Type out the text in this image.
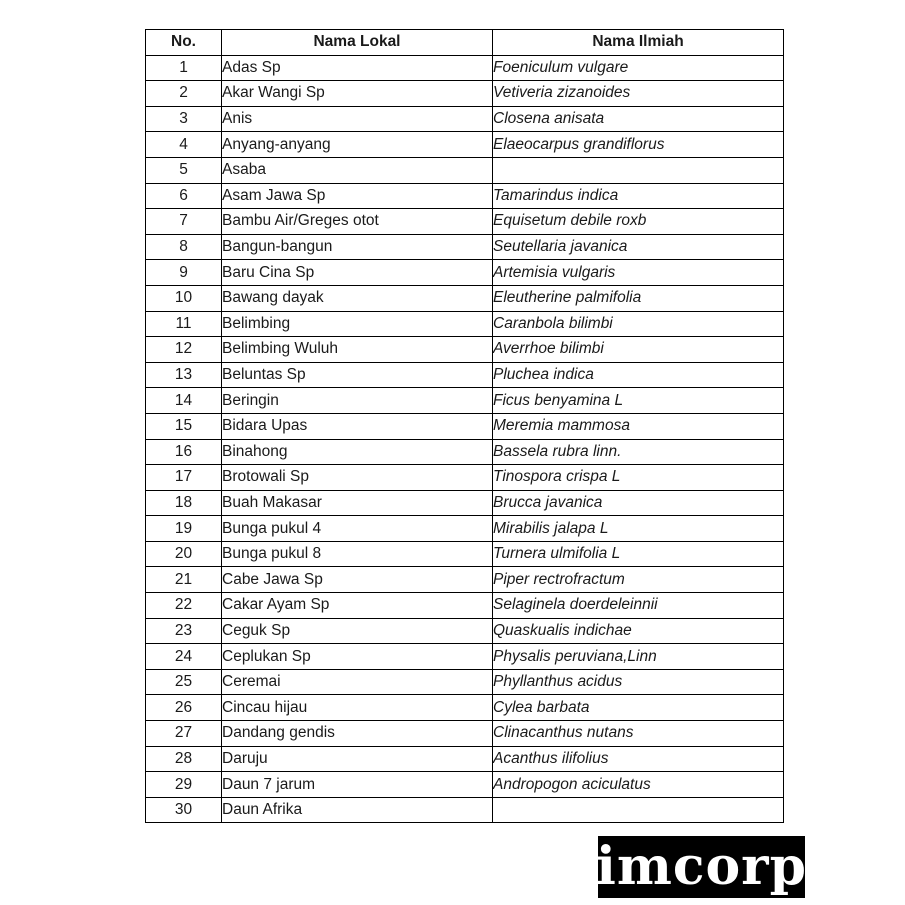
No.	Nama Lokal	Nama Ilmiah
1	Adas Sp	Foeniculum vulgare
2	Akar Wangi Sp	Vetiveria zizanoides
3	Anis	Closena anisata
4	Anyang-anyang	Elaeocarpus grandiflorus
5	Asaba	
6	Asam Jawa Sp	Tamarindus indica
7	Bambu Air/Greges otot	Equisetum debile roxb
8	Bangun-bangun	Seutellaria javanica
9	Baru Cina Sp	Artemisia vulgaris
10	Bawang dayak	Eleutherine palmifolia
11	Belimbing	Caranbola bilimbi
12	Belimbing Wuluh	Averrhoe bilimbi
13	Beluntas Sp	Pluchea indica
14	Beringin	Ficus benyamina L
15	Bidara Upas	Meremia mammosa
16	Binahong	Bassela rubra linn.
17	Brotowali Sp	Tinospora crispa L
18	Buah Makasar	Brucca javanica
19	Bunga pukul 4	Mirabilis jalapa L
20	Bunga pukul 8	Turnera ulmifolia L
21	Cabe Jawa Sp	Piper rectrofractum
22	Cakar Ayam Sp	Selaginela doerdeleinnii
23	Ceguk Sp	Quaskualis indichae
24	Ceplukan Sp	Physalis peruviana,Linn
25	Ceremai	Phyllanthus acidus
26	Cincau hijau	Cylea barbata
27	Dandang gendis	Clinacanthus nutans
28	Daruju	Acanthus ilifolius
29	Daun 7 jarum	Andropogon aciculatus
30	Daun Afrika	
imcorp
